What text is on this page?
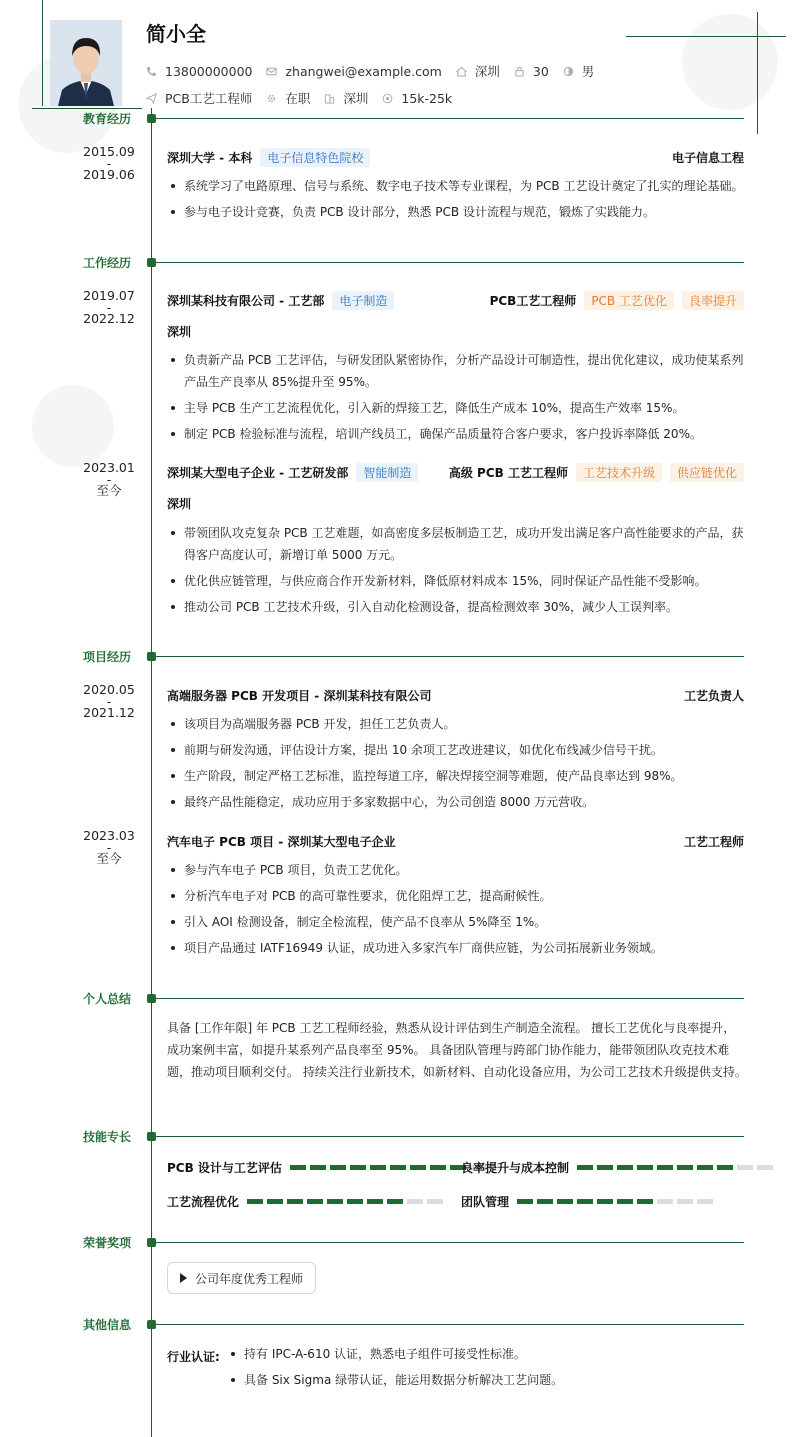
简小全
13800000000	zhangwei@example.com	深圳	30	男
PCB工艺工程师	在职	深圳	15k-25k
教育经历
2015.09
-
2019.06
深圳大学 - 本科	电子信息特色院校	电子信息工程
系统学习了电路原理、信号与系统、数字电子技术等专业课程，为 PCB 工艺设计奠定了扎实的理论基础。
参与电子设计竞赛，负责 PCB 设计部分，熟悉 PCB 设计流程与规范，锻炼了实践能力。
工作经历
2019.07
-
2022.12
深圳某科技有限公司 - 工艺部	电子制造	PCB工艺工程师	PCB 工艺优化	良率提升
深圳
负责新产品 PCB 工艺评估，与研发团队紧密协作，分析产品设计可制造性，提出优化建议，成功使某系列产品生产良率从 85%提升至 95%。
主导 PCB 生产工艺流程优化，引入新的焊接工艺，降低生产成本 10%，提高生产效率 15%。
制定 PCB 检验标准与流程，培训产线员工，确保产品质量符合客户要求，客户投诉率降低 20%。
2023.01
-
至今
深圳某大型电子企业 - 工艺研发部	智能制造	高级 PCB 工艺工程师	工艺技术升级	供应链优化
深圳
带领团队攻克复杂 PCB 工艺难题，如高密度多层板制造工艺，成功开发出满足客户高性能要求的产品，获得客户高度认可，新增订单 5000 万元。
优化供应链管理，与供应商合作开发新材料，降低原材料成本 15%，同时保证产品性能不受影响。
推动公司 PCB 工艺技术升级，引入自动化检测设备，提高检测效率 30%，减少人工误判率。
项目经历
2020.05
-
2021.12
高端服务器 PCB 开发项目 - 深圳某科技有限公司	工艺负责人
该项目为高端服务器 PCB 开发，担任工艺负责人。
前期与研发沟通，评估设计方案，提出 10 余项工艺改进建议，如优化布线减少信号干扰。
生产阶段，制定严格工艺标准，监控每道工序，解决焊接空洞等难题，使产品良率达到 98%。
最终产品性能稳定，成功应用于多家数据中心，为公司创造 8000 万元营收。
2023.03
-
至今
汽车电子 PCB 项目 - 深圳某大型电子企业	工艺工程师
参与汽车电子 PCB 项目，负责工艺优化。
分析汽车电子对 PCB 的高可靠性要求，优化阻焊工艺，提高耐候性。
引入 AOI 检测设备，制定全检流程，使产品不良率从 5%降至 1%。
项目产品通过 IATF16949 认证，成功进入多家汽车厂商供应链，为公司拓展新业务领域。
个人总结
具备 [工作年限] 年 PCB 工艺工程师经验，熟悉从设计评估到生产制造全流程。 擅长工艺优化与良率提升，成功案例丰富，如提升某系列产品良率至 95%。 具备团队管理与跨部门协作能力，能带领团队攻克技术难题，推动项目顺利交付。 持续关注行业新技术，如新材料、自动化设备应用，为公司工艺技术升级提供支持。
技能专长
PCB 设计与工艺评估	良率提升与成本控制
工艺流程优化	团队管理
荣誉奖项
公司年度优秀工程师
其他信息
行业认证:	持有 IPC-A-610 认证，熟悉电子组件可接受性标准。
具备 Six Sigma 绿带认证，能运用数据分析解决工艺问题。
